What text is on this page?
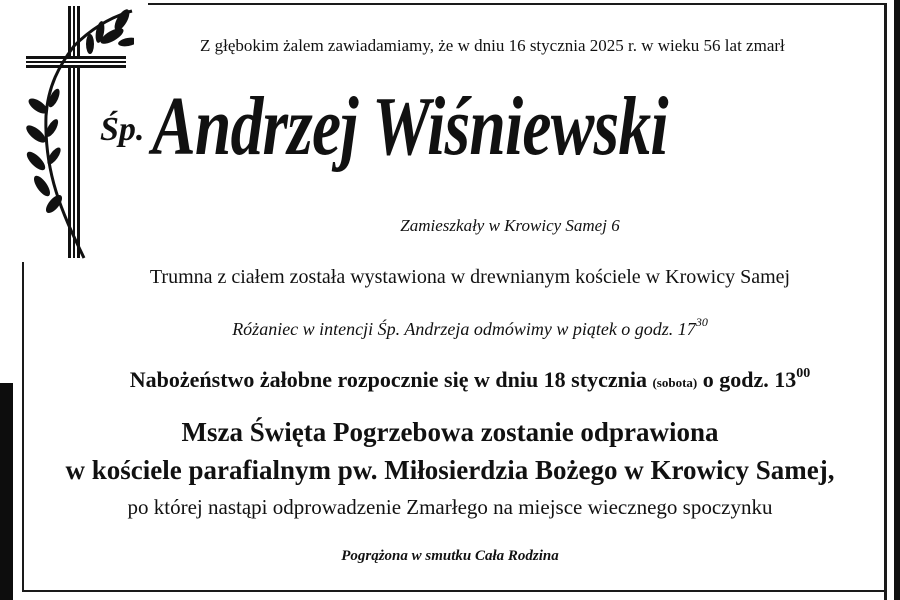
Z głębokim żalem zawiadamiamy, że w dniu 16 stycznia 2025 r. w wieku 56 lat zmarł
Śp.Andrzej Wiśniewski
Zamieszkały w Krowicy Samej 6
Trumna z ciałem została wystawiona w drewnianym kościele w Krowicy Samej
Różaniec w intencji Śp. Andrzeja odmówimy w piątek o godz. $17^{30}$
Nabożeństwo żałobne rozpocznie się w dniu 18 stycznia (sobota) o godz. $13^{00}$
Msza Święta Pogrzebowa zostanie odprawiona
w kościele parafialnym pw. Miłosierdzia Bożego w Krowicy Samej,
po której nastąpi odprowadzenie Zmarłego na miejsce wiecznego spoczynku
Pogrążona w smutku Cała Rodzina
